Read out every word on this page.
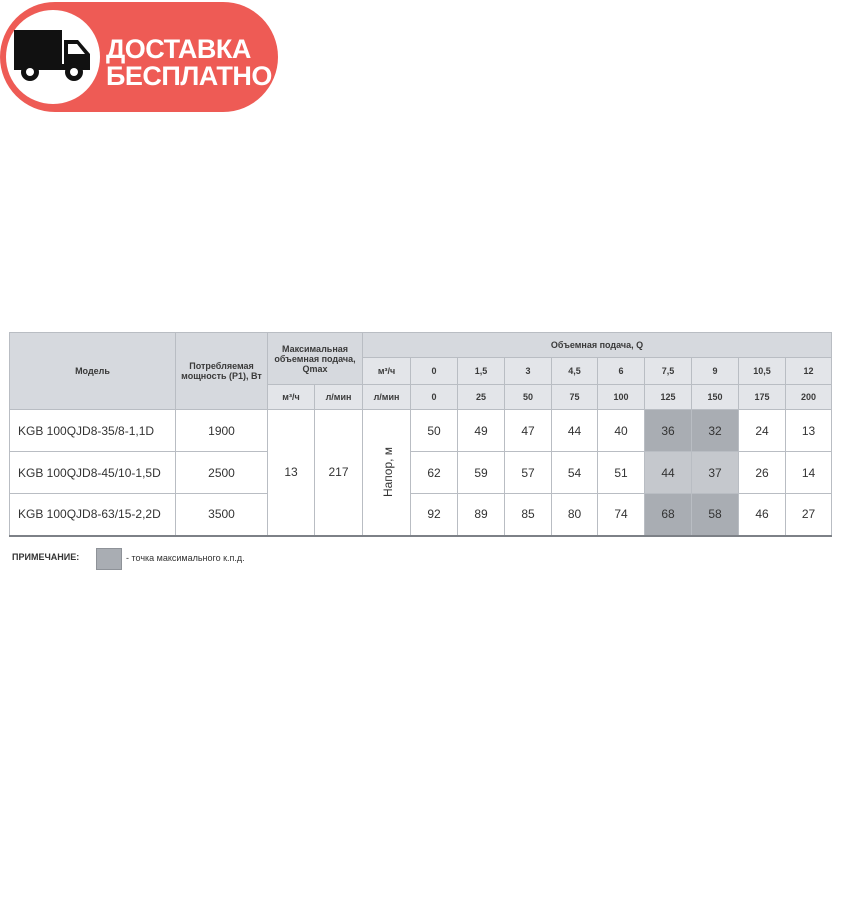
ДОСТАВКА
БЕСПЛАТНО
Модель	Потребляемая мощность (P1), Вт	Максимальная объемная подача, Qmax		Объемная подача, Q									
				м³/ч	0	1,5	3	4,5	6	7,5	9	10,5	12
		м³/ч	л/мин	л/мин	0	25	50	75	100	125	150	175	200
KGB 100QJD8-35/8-1,1D	1900	13	217	Напор, м	50	49	47	44	40	36	32	24	13
KGB 100QJD8-45/10-1,5D	2500				62	59	57	54	51	44	37	26	14
KGB 100QJD8-63/15-2,2D	3500				92	89	85	80	74	68	58	46	27
ПРИМЕЧАНИЕ:	- точка максимального к.п.д.
